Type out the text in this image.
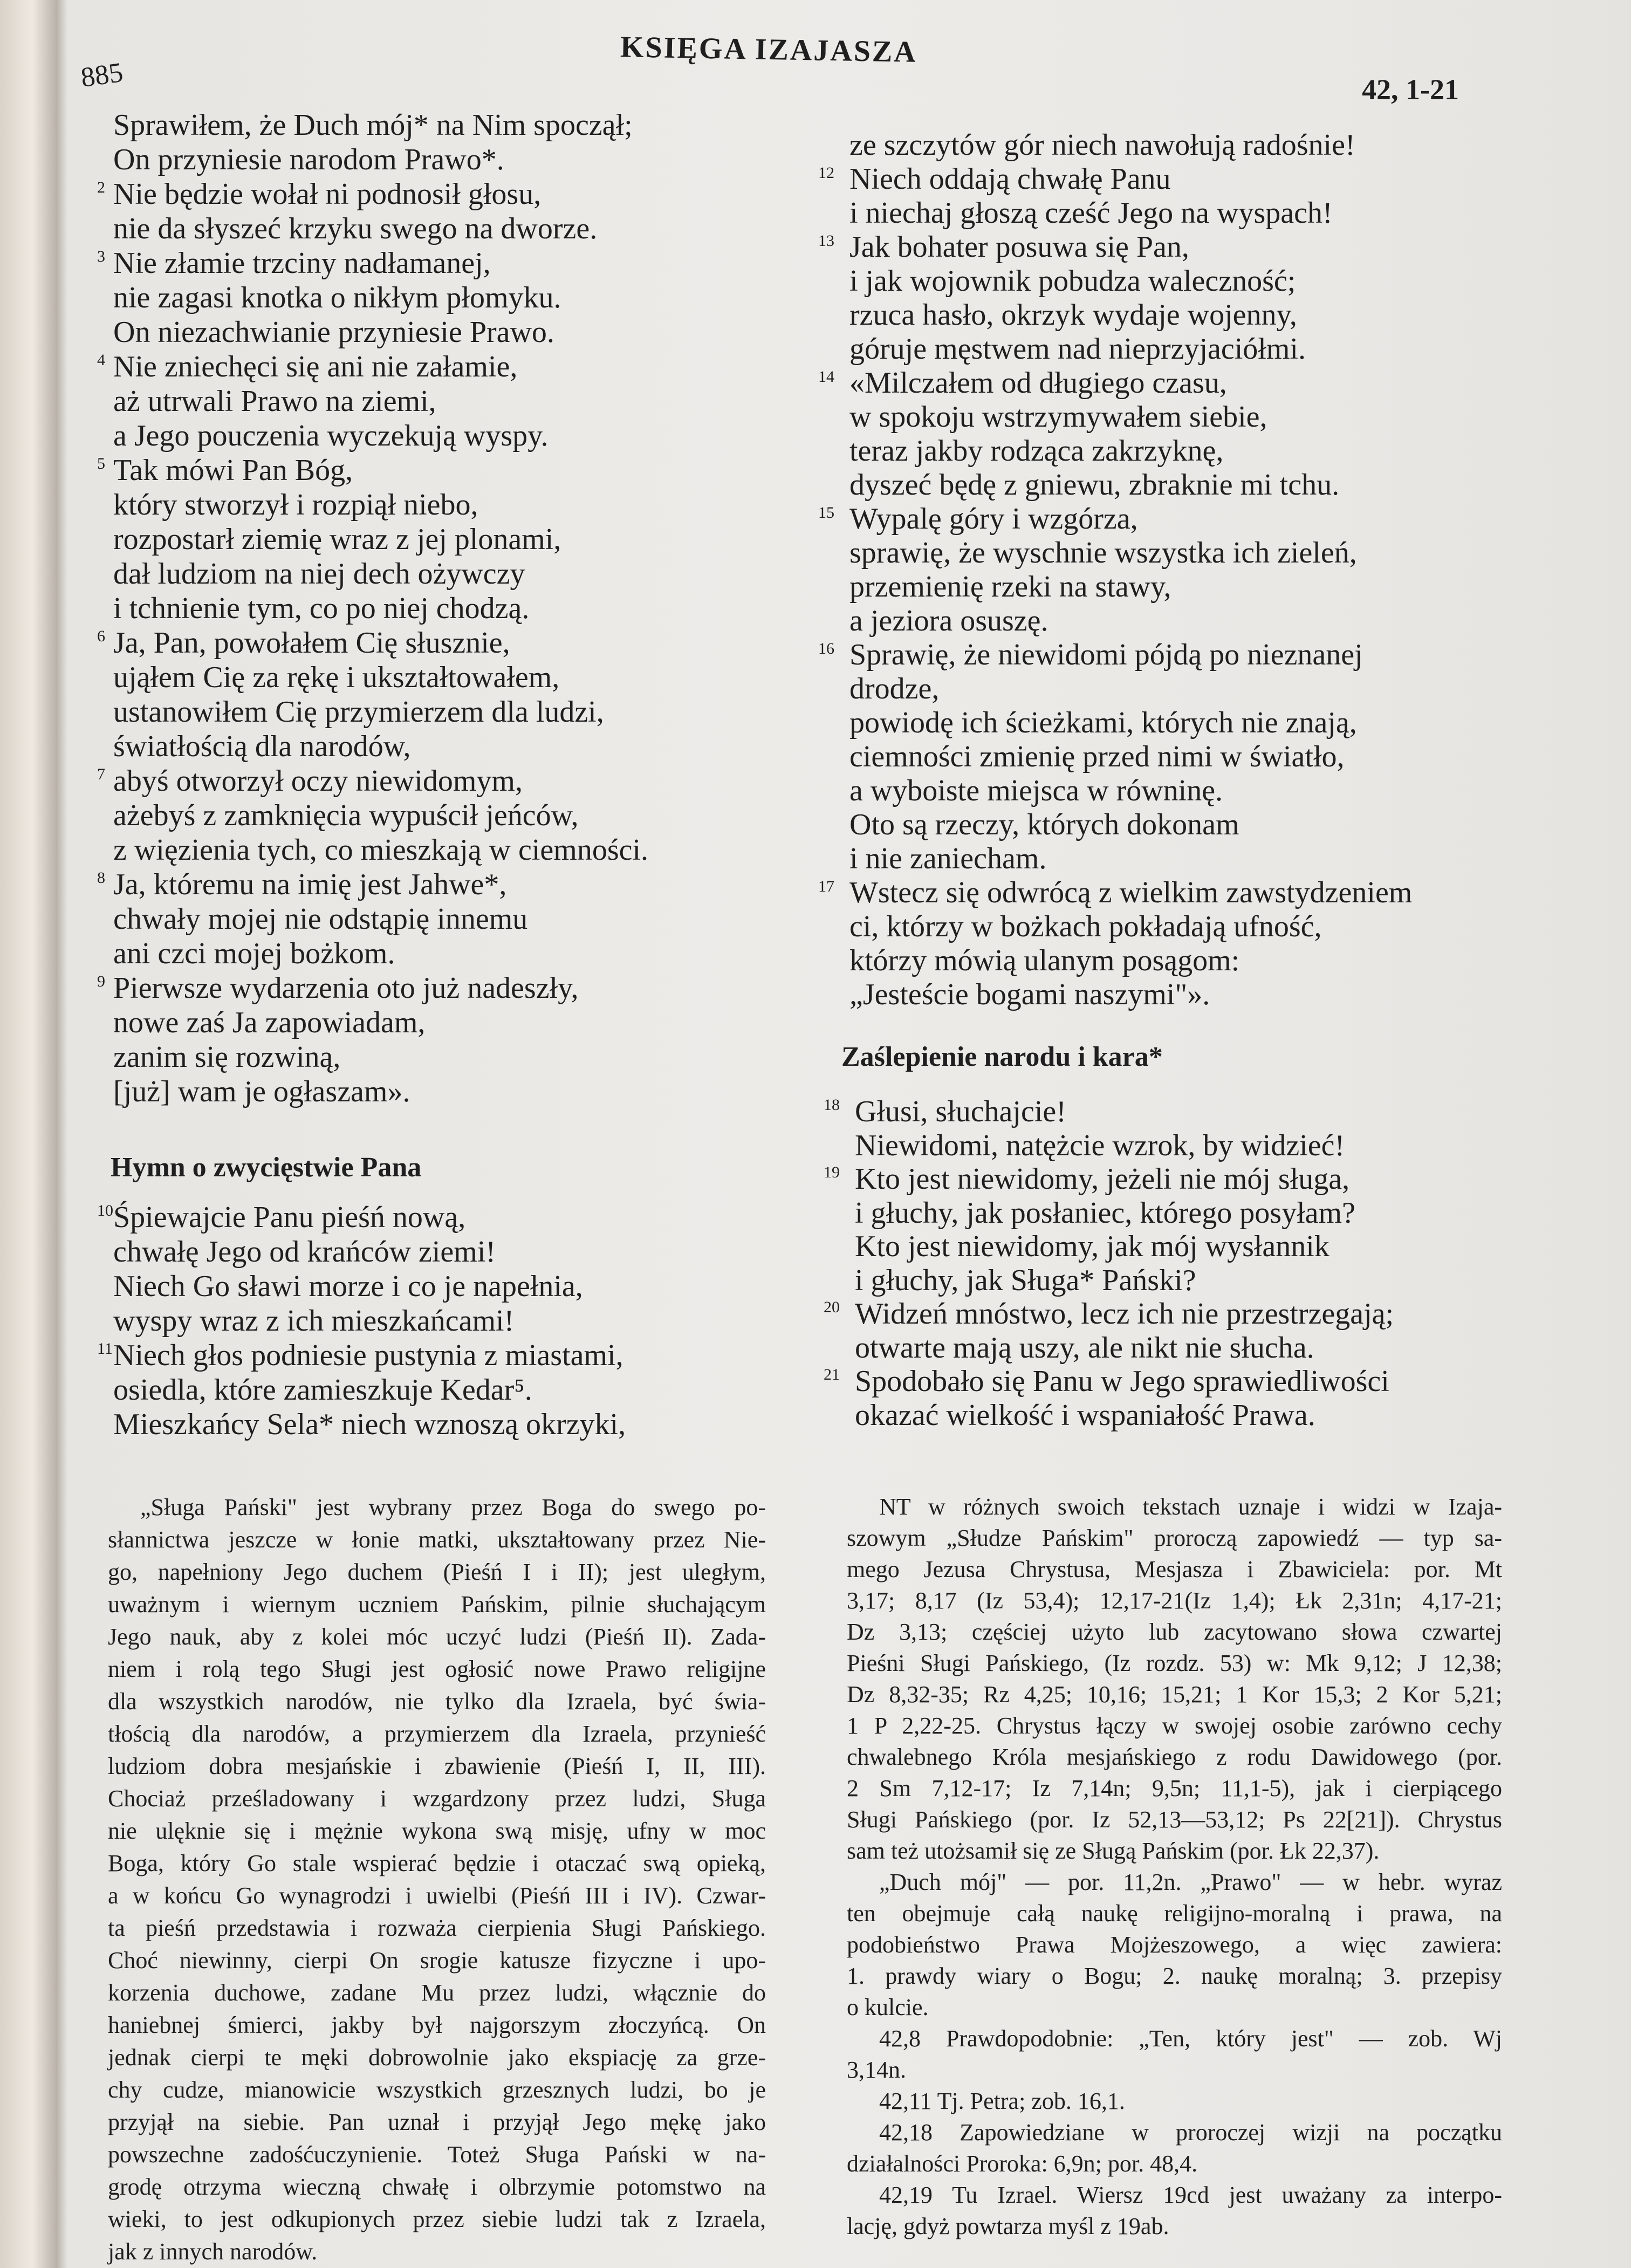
885
KSIĘGA IZAJASZA
42, 1-21
Sprawiłem, że Duch mój* na Nim spoczął;
On przyniesie narodom Prawo*.
2 Nie będzie wołał ni podnosił głosu,
nie da słyszeć krzyku swego na dworze.
3 Nie złamie trzciny nadłamanej,
nie zagasi knotka o nikłym płomyku.
On niezachwianie przyniesie Prawo.
4 Nie zniechęci się ani nie załamie,
aż utrwali Prawo na ziemi,
a Jego pouczenia wyczekują wyspy.
5 Tak mówi Pan Bóg,
który stworzył i rozpiął niebo,
rozpostarł ziemię wraz z jej plonami,
dał ludziom na niej dech ożywczy
i tchnienie tym, co po niej chodzą.
6 Ja, Pan, powołałem Cię słusznie,
ująłem Cię za rękę i ukształtowałem,
ustanowiłem Cię przymierzem dla ludzi,
światłością dla narodów,
7 abyś otworzył oczy niewidomym,
ażebyś z zamknięcia wypuścił jeńców,
z więzienia tych, co mieszkają w ciemności.
8 Ja, któremu na imię jest Jahwe*,
chwały mojej nie odstąpię innemu
ani czci mojej bożkom.
9 Pierwsze wydarzenia oto już nadeszły,
nowe zaś Ja zapowiadam,
zanim się rozwiną,
[już] wam je ogłaszam».
Hymn o zwycięstwie Pana
10 Śpiewajcie Panu pieśń nową,
chwałę Jego od krańców ziemi!
Niech Go sławi morze i co je napełnia,
wyspy wraz z ich mieszkańcami!
11 Niech głos podniesie pustynia z miastami,
osiedla, które zamieszkuje Kedar⁵.
Mieszkańcy Sela* niech wznoszą okrzyki,
ze szczytów gór niech nawołują radośnie!
12 Niech oddają chwałę Panu
i niechaj głoszą cześć Jego na wyspach!
13 Jak bohater posuwa się Pan,
i jak wojownik pobudza waleczność;
rzuca hasło, okrzyk wydaje wojenny,
góruje męstwem nad nieprzyjaciółmi.
14 «Milczałem od długiego czasu,
w spokoju wstrzymywałem siebie,
teraz jakby rodząca zakrzyknę,
dyszeć będę z gniewu, zbraknie mi tchu.
15 Wypalę góry i wzgórza,
sprawię, że wyschnie wszystka ich zieleń,
przemienię rzeki na stawy,
a jeziora osuszę.
16 Sprawię, że niewidomi pójdą po nieznanej
drodze,
powiodę ich ścieżkami, których nie znają,
ciemności zmienię przed nimi w światło,
a wyboiste miejsca w równinę.
Oto są rzeczy, których dokonam
i nie zaniecham.
17 Wstecz się odwrócą z wielkim zawstydzeniem
ci, którzy w bożkach pokładają ufność,
którzy mówią ulanym posągom:
„Jesteście bogami naszymi"».
Zaślepienie narodu i kara*
18 Głusi, słuchajcie!
Niewidomi, natężcie wzrok, by widzieć!
19 Kto jest niewidomy, jeżeli nie mój sługa,
i głuchy, jak posłaniec, którego posyłam?
Kto jest niewidomy, jak mój wysłannik
i głuchy, jak Sługa* Pański?
20 Widzeń mnóstwo, lecz ich nie przestrzegają;
otwarte mają uszy, ale nikt nie słucha.
21 Spodobało się Panu w Jego sprawiedliwości
okazać wielkość i wspaniałość Prawa.
„Sługa Pański" jest wybrany przez Boga do swego po-
słannictwa jeszcze w łonie matki, ukształtowany przez Nie-
go, napełniony Jego duchem (Pieśń I i II); jest uległym,
uważnym i wiernym uczniem Pańskim, pilnie słuchającym
Jego nauk, aby z kolei móc uczyć ludzi (Pieśń II). Zada-
niem i rolą tego Sługi jest ogłosić nowe Prawo religijne
dla wszystkich narodów, nie tylko dla Izraela, być świa-
tłością dla narodów, a przymierzem dla Izraela, przynieść
ludziom dobra mesjańskie i zbawienie (Pieśń I, II, III).
Chociaż prześladowany i wzgardzony przez ludzi, Sługa
nie ulęknie się i mężnie wykona swą misję, ufny w moc
Boga, który Go stale wspierać będzie i otaczać swą opieką,
a w końcu Go wynagrodzi i uwielbi (Pieśń III i IV). Czwar-
ta pieśń przedstawia i rozważa cierpienia Sługi Pańskiego.
Choć niewinny, cierpi On srogie katusze fizyczne i upo-
korzenia duchowe, zadane Mu przez ludzi, włącznie do
haniebnej śmierci, jakby był najgorszym złoczyńcą. On
jednak cierpi te męki dobrowolnie jako ekspiację za grze-
chy cudze, mianowicie wszystkich grzesznych ludzi, bo je
przyjął na siebie. Pan uznał i przyjął Jego mękę jako
powszechne zadośćuczynienie. Toteż Sługa Pański w na-
grodę otrzyma wieczną chwałę i olbrzymie potomstwo na
wieki, to jest odkupionych przez siebie ludzi tak z Izraela,
jak z innych narodów.
NT w różnych swoich tekstach uznaje i widzi w Izaja-
szowym „Słudze Pańskim" proroczą zapowiedź — typ sa-
mego Jezusa Chrystusa, Mesjasza i Zbawiciela: por. Mt
3,17; 8,17 (Iz 53,4); 12,17-21(Iz 1,4); Łk 2,31n; 4,17-21;
Dz 3,13; częściej użyto lub zacytowano słowa czwartej
Pieśni Sługi Pańskiego, (Iz rozdz. 53) w: Mk 9,12; J 12,38;
Dz 8,32-35; Rz 4,25; 10,16; 15,21; 1 Kor 15,3; 2 Kor 5,21;
1 P 2,22-25. Chrystus łączy w swojej osobie zarówno cechy
chwalebnego Króla mesjańskiego z rodu Dawidowego (por.
2 Sm 7,12-17; Iz 7,14n; 9,5n; 11,1-5), jak i cierpiącego
Sługi Pańskiego (por. Iz 52,13—53,12; Ps 22[21]). Chrystus
sam też utożsamił się ze Sługą Pańskim (por. Łk 22,37).
„Duch mój" — por. 11,2n. „Prawo" — w hebr. wyraz
ten obejmuje całą naukę religijno-moralną i prawa, na
podobieństwo Prawa Mojżeszowego, a więc zawiera:
1. prawdy wiary o Bogu; 2. naukę moralną; 3. przepisy
o kulcie.
42,8 Prawdopodobnie: „Ten, który jest" — zob. Wj
3,14n.
42,11 Tj. Petra; zob. 16,1.
42,18 Zapowiedziane w proroczej wizji na początku
działalności Proroka: 6,9n; por. 48,4.
42,19 Tu Izrael. Wiersz 19cd jest uważany za interpo-
lację, gdyż powtarza myśl z 19ab.
